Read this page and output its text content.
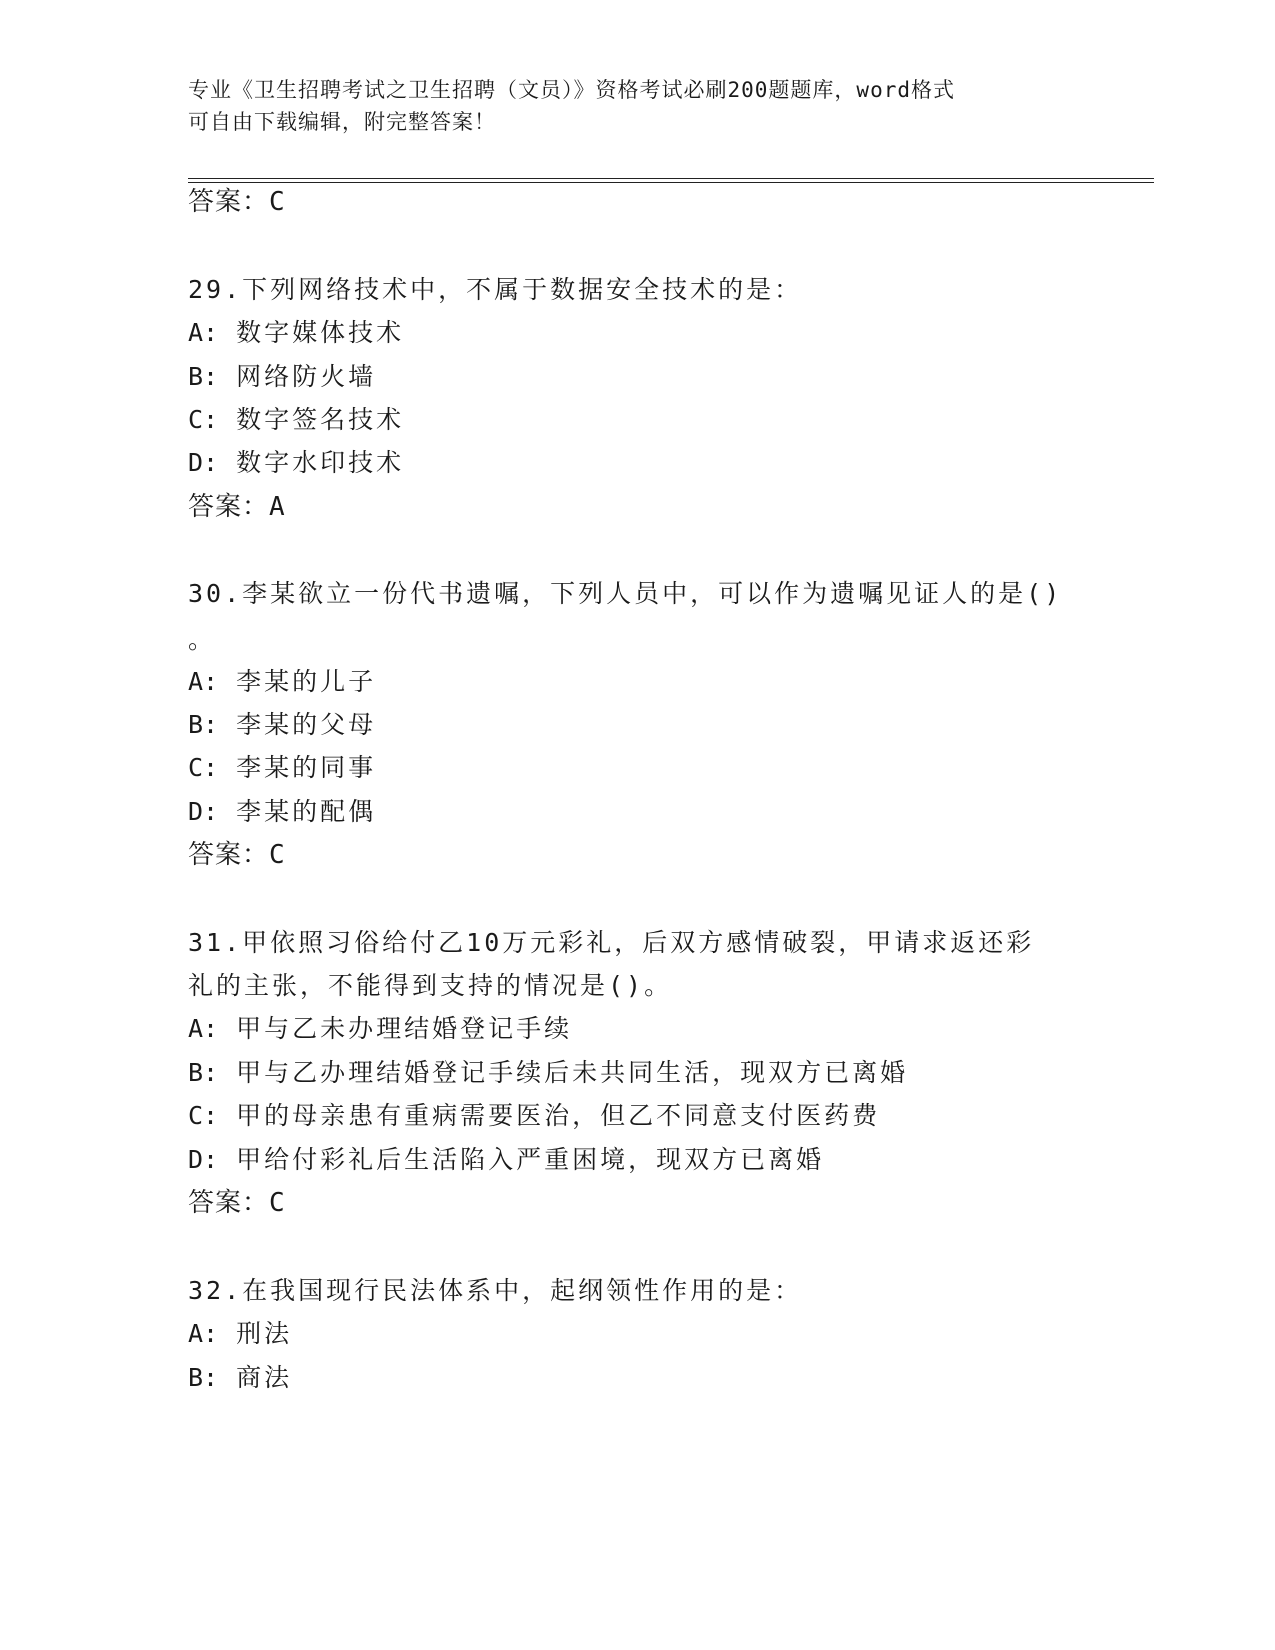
专业《卫生招聘考试之卫生招聘（文员）》资格考试必刷200题题库，word格式
可自由下载编辑，附完整答案！
答案：C
29.下列网络技术中，不属于数据安全技术的是：
A: 数字媒体技术
B: 网络防火墙
C: 数字签名技术
D: 数字水印技术
答案：A
30.李某欲立一份代书遗嘱，下列人员中，可以作为遗嘱见证人的是()
。
A: 李某的儿子
B: 李某的父母
C: 李某的同事
D: 李某的配偶
答案：C
31.甲依照习俗给付乙10万元彩礼，后双方感情破裂，甲请求返还彩
礼的主张，不能得到支持的情况是()。
A: 甲与乙未办理结婚登记手续
B: 甲与乙办理结婚登记手续后未共同生活，现双方已离婚
C: 甲的母亲患有重病需要医治，但乙不同意支付医药费
D: 甲给付彩礼后生活陷入严重困境，现双方已离婚
答案：C
32.在我国现行民法体系中，起纲领性作用的是：
A: 刑法
B: 商法
